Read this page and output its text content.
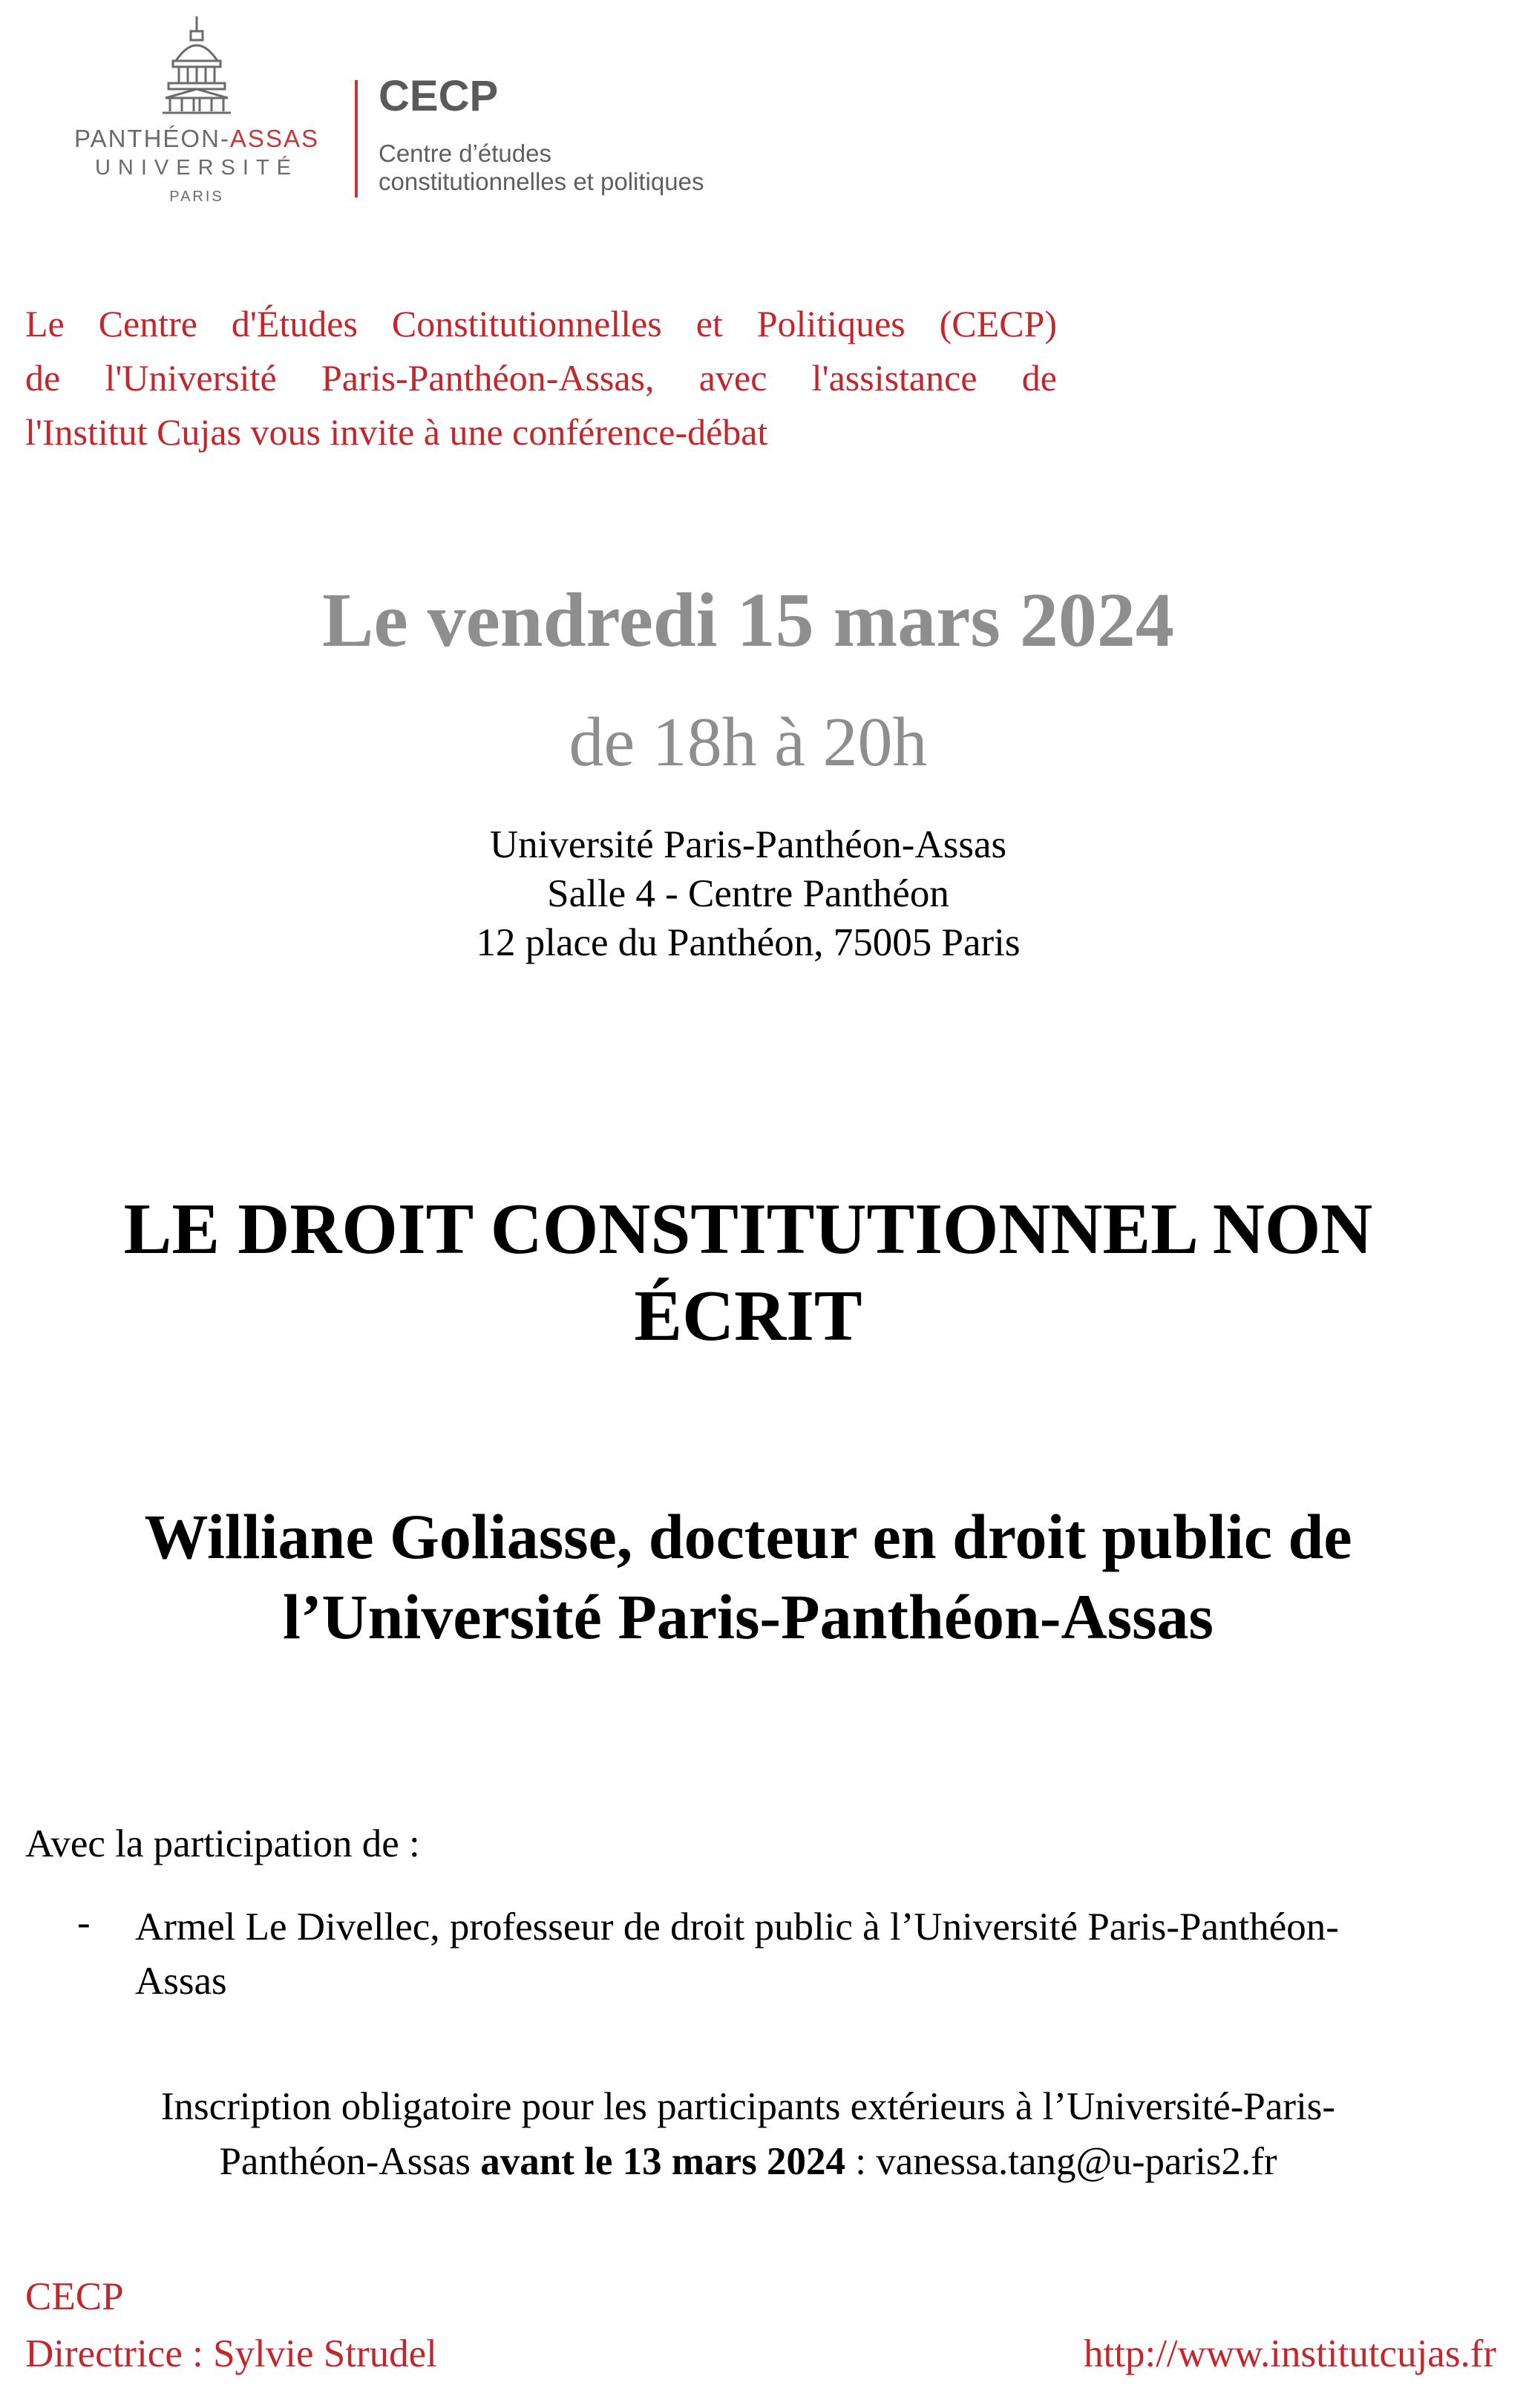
PANTHÉON-ASSAS
UNIVERSITÉ
PARIS
CECP
Centre d’études
constitutionnelles et politiques
Le Centre d'Études Constitutionnelles et Politiques (CECP)
de l'Université Paris-Panthéon-Assas, avec l'assistance de
l'Institut Cujas vous invite à une conférence-débat
Le vendredi 15 mars 2024
de 18h à 20h
Université Paris-Panthéon-Assas
Salle 4 - Centre Panthéon
12 place du Panthéon, 75005 Paris
LE DROIT CONSTITUTIONNEL NON
ÉCRIT
Williane Goliasse, docteur en droit public de
l’Université Paris-Panthéon-Assas
Avec la participation de :
- Armel Le Divellec, professeur de droit public à l’Université Paris-Panthéon-
Assas
Inscription obligatoire pour les participants extérieurs à l’Université-Paris-
Panthéon-Assas avant le 13 mars 2024 : vanessa.tang@u-paris2.fr
CECP
Directrice : Sylvie Strudel	http://www.institutcujas.fr
